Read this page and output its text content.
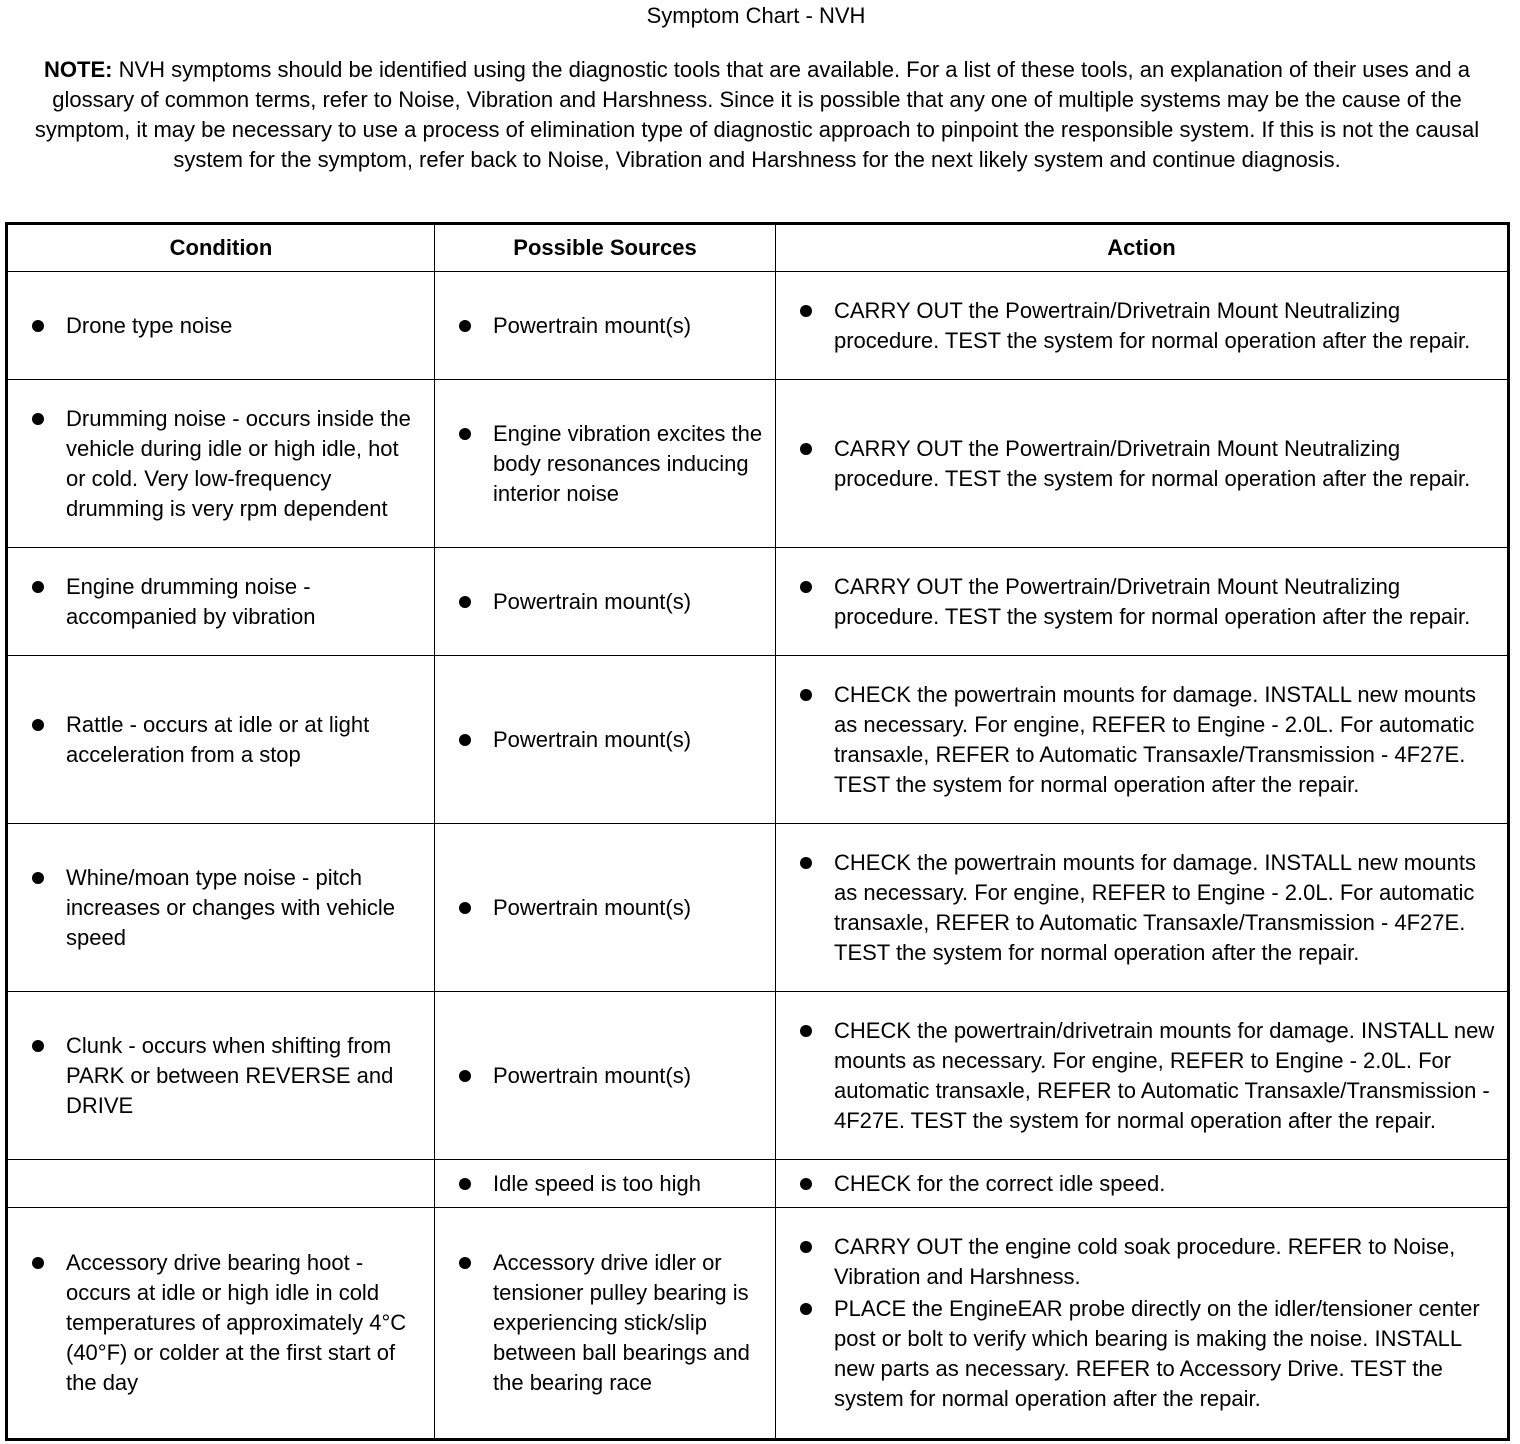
Symptom Chart - NVH
NOTE: NVH symptoms should be identified using the diagnostic tools that are available. For a list of these tools, an explanation of their uses and a glossary of common terms, refer to Noise, Vibration and Harshness. Since it is possible that any one of multiple systems may be the cause of the symptom, it may be necessary to use a process of elimination type of diagnostic approach to pinpoint the responsible system. If this is not the causal system for the symptom, refer back to Noise, Vibration and Harshness for the next likely system and continue diagnosis.
Condition	Possible Sources	Action

Drone type noise	Powertrain mount(s)	CARRY OUT the Powertrain/Drivetrain Mount Neutralizing procedure. TEST the system for normal operation after the repair.

Drumming noise - occurs inside the vehicle during idle or high idle, hot or cold. Very low-frequency drumming is very rpm dependent	Engine vibration excites the body resonances inducing interior noise	CARRY OUT the Powertrain/Drivetrain Mount Neutralizing procedure. TEST the system for normal operation after the repair.

Engine drumming noise - accompanied by vibration	Powertrain mount(s)	CARRY OUT the Powertrain/Drivetrain Mount Neutralizing procedure. TEST the system for normal operation after the repair.

Rattle - occurs at idle or at light acceleration from a stop	Powertrain mount(s)	CHECK the powertrain mounts for damage. INSTALL new mounts as necessary. For engine, REFER to Engine - 2.0L. For automatic transaxle, REFER to Automatic Transaxle/Transmission - 4F27E. TEST the system for normal operation after the repair.

Whine/moan type noise - pitch increases or changes with vehicle speed	Powertrain mount(s)	CHECK the powertrain mounts for damage. INSTALL new mounts as necessary. For engine, REFER to Engine - 2.0L. For automatic transaxle, REFER to Automatic Transaxle/Transmission - 4F27E. TEST the system for normal operation after the repair.

Clunk - occurs when shifting from PARK or between REVERSE and DRIVE	Powertrain mount(s)	CHECK the powertrain/drivetrain mounts for damage. INSTALL new mounts as necessary. For engine, REFER to Engine - 2.0L. For automatic transaxle, REFER to Automatic Transaxle/Transmission - 4F27E. TEST the system for normal operation after the repair.

	Idle speed is too high	CHECK for the correct idle speed.

Accessory drive bearing hoot - occurs at idle or high idle in cold temperatures of approximately 4°C (40°F) or colder at the first start of the day	Accessory drive idler or tensioner pulley bearing is experiencing stick/slip between ball bearings and the bearing race	CARRY OUT the engine cold soak procedure. REFER to Noise, Vibration and Harshness.
PLACE the EngineEAR probe directly on the idler/tensioner center post or bolt to verify which bearing is making the noise. INSTALL new parts as necessary. REFER to Accessory Drive. TEST the system for normal operation after the repair.
